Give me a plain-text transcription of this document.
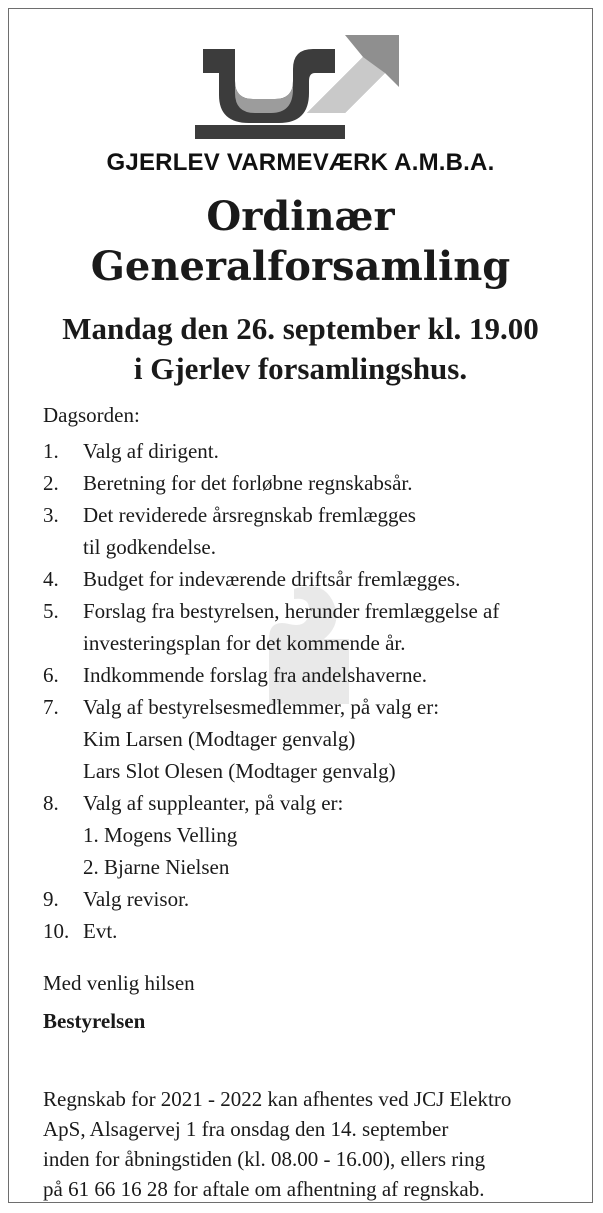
GJERLEV VARMEVÆRK A.M.B.A.
Ordinær
Generalforsamling
Mandag den 26. september kl. 19.00
i Gjerlev forsamlingshus.
Dagsorden:
1.	Valg af dirigent.
2.	Beretning for det forløbne regnskabsår.
3.	Det reviderede årsregnskab fremlægges
til godkendelse.
4.	Budget for indeværende driftsår fremlægges.
5.	Forslag fra bestyrelsen, herunder fremlæggelse af
investeringsplan for det kommende år.
6.	Indkommende forslag fra andelshaverne.
7.	Valg af bestyrelsesmedlemmer, på valg er:
Kim Larsen (Modtager genvalg)
Lars Slot Olesen (Modtager genvalg)
8.	Valg af suppleanter, på valg er:
1. Mogens Velling
2. Bjarne Nielsen
9.	Valg revisor.
10. Evt.
Med venlig hilsen
Bestyrelsen
Regnskab for 2021 - 2022 kan afhentes ved JCJ Elektro
ApS, Alsagervej 1 fra onsdag den 14. september
inden for åbningstiden (kl. 08.00 - 16.00), ellers ring
på 61 66 16 28 for aftale om afhentning af regnskab.
